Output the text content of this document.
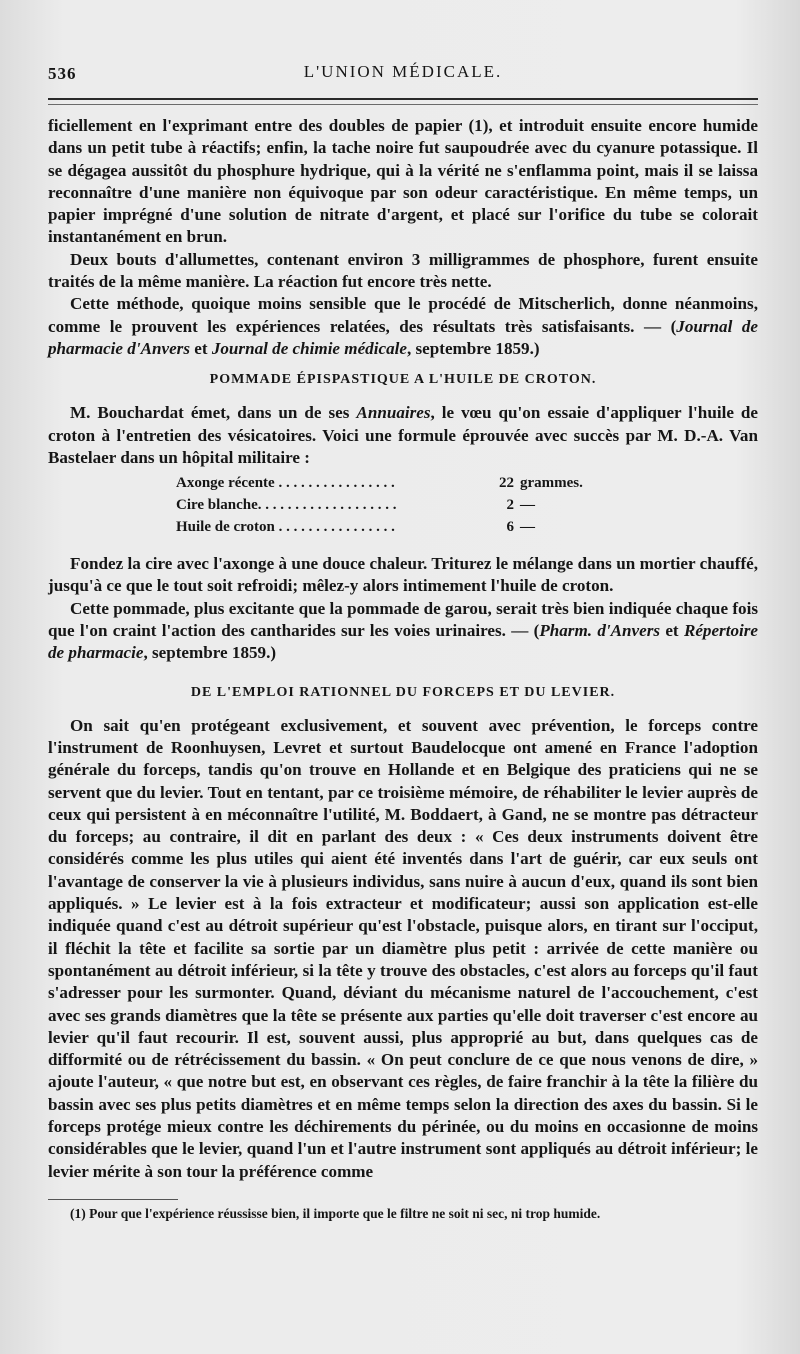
536	L'UNION MÉDICALE.

ficiellement en l'exprimant entre des doubles de papier (1), et introduit ensuite encore humide dans un petit tube à réactifs; enfin, la tache noire fut saupoudrée avec du cyanure potassique. Il se dégagea aussitôt du phosphure hydrique, qui à la vérité ne s'enflamma point, mais il se laissa reconnaître d'une manière non équivoque par son odeur caractéristique. En même temps, un papier imprégné d'une solution de nitrate d'argent, et placé sur l'orifice du tube se colorait instantanément en brun.

Deux bouts d'allumettes, contenant environ 3 milligrammes de phosphore, furent ensuite traités de la même manière. La réaction fut encore très nette.

Cette méthode, quoique moins sensible que le procédé de Mitscherlich, donne néanmoins, comme le prouvent les expériences relatées, des résultats très satisfaisants. — (Journal de pharmacie d'Anvers et Journal de chimie médicale, septembre 1859.)

POMMADE ÉPISPASTIQUE A L'HUILE DE CROTON.

M. Bouchardat émet, dans un de ses Annuaires, le vœu qu'on essaie d'appliquer l'huile de croton à l'entretien des vésicatoires. Voici une formule éprouvée avec succès par M. D.-A. Van Bastelaer dans un hôpital militaire :

Axonge récente . . . . . . . . . . . . . . . .	22 grammes.
Cire blanche. . . . . . . . . . . . . . . . . . .	2 —
Huile de croton . . . . . . . . . . . . . . . .	6 —

Fondez la cire avec l'axonge à une douce chaleur. Triturez le mélange dans un mortier chauffé, jusqu'à ce que le tout soit refroidi; mêlez-y alors intimement l'huile de croton.

Cette pommade, plus excitante que la pommade de garou, serait très bien indiquée chaque fois que l'on craint l'action des cantharides sur les voies urinaires. — (Pharm. d'Anvers et Répertoire de pharmacie, septembre 1859.)

DE L'EMPLOI RATIONNEL DU FORCEPS ET DU LEVIER.

On sait qu'en protégeant exclusivement, et souvent avec prévention, le forceps contre l'instrument de Roonhuysen, Levret et surtout Baudelocque ont amené en France l'adoption générale du forceps, tandis qu'on trouve en Hollande et en Belgique des praticiens qui ne se servent que du levier. Tout en tentant, par ce troisième mémoire, de réhabiliter le levier auprès de ceux qui persistent à en méconnaître l'utilité, M. Boddaert, à Gand, ne se montre pas détracteur du forceps; au contraire, il dit en parlant des deux : « Ces deux instruments doivent être considérés comme les plus utiles qui aient été inventés dans l'art de guérir, car eux seuls ont l'avantage de conserver la vie à plusieurs individus, sans nuire à aucun d'eux, quand ils sont bien appliqués. » Le levier est à la fois extracteur et modificateur; aussi son application est-elle indiquée quand c'est au détroit supérieur qu'est l'obstacle, puisque alors, en tirant sur l'occiput, il fléchit la tête et facilite sa sortie par un diamètre plus petit : arrivée de cette manière ou spontanément au détroit inférieur, si la tête y trouve des obstacles, c'est alors au forceps qu'il faut s'adresser pour les surmonter. Quand, déviant du mécanisme naturel de l'accouchement, c'est avec ses grands diamètres que la tête se présente aux parties qu'elle doit traverser c'est encore au levier qu'il faut recourir. Il est, souvent aussi, plus approprié au but, dans quelques cas de difformité ou de rétrécissement du bassin. « On peut conclure de ce que nous venons de dire, » ajoute l'auteur, « que notre but est, en observant ces règles, de faire franchir à la tête la filière du bassin avec ses plus petits diamètres et en même temps selon la direction des axes du bassin. Si le forceps protége mieux contre les déchirements du périnée, ou du moins en occasionne de moins considérables que le levier, quand l'un et l'autre instrument sont appliqués au détroit inférieur; le levier mérite à son tour la préférence comme

(1) Pour que l'expérience réussisse bien, il importe que le filtre ne soit ni sec, ni trop humide.
